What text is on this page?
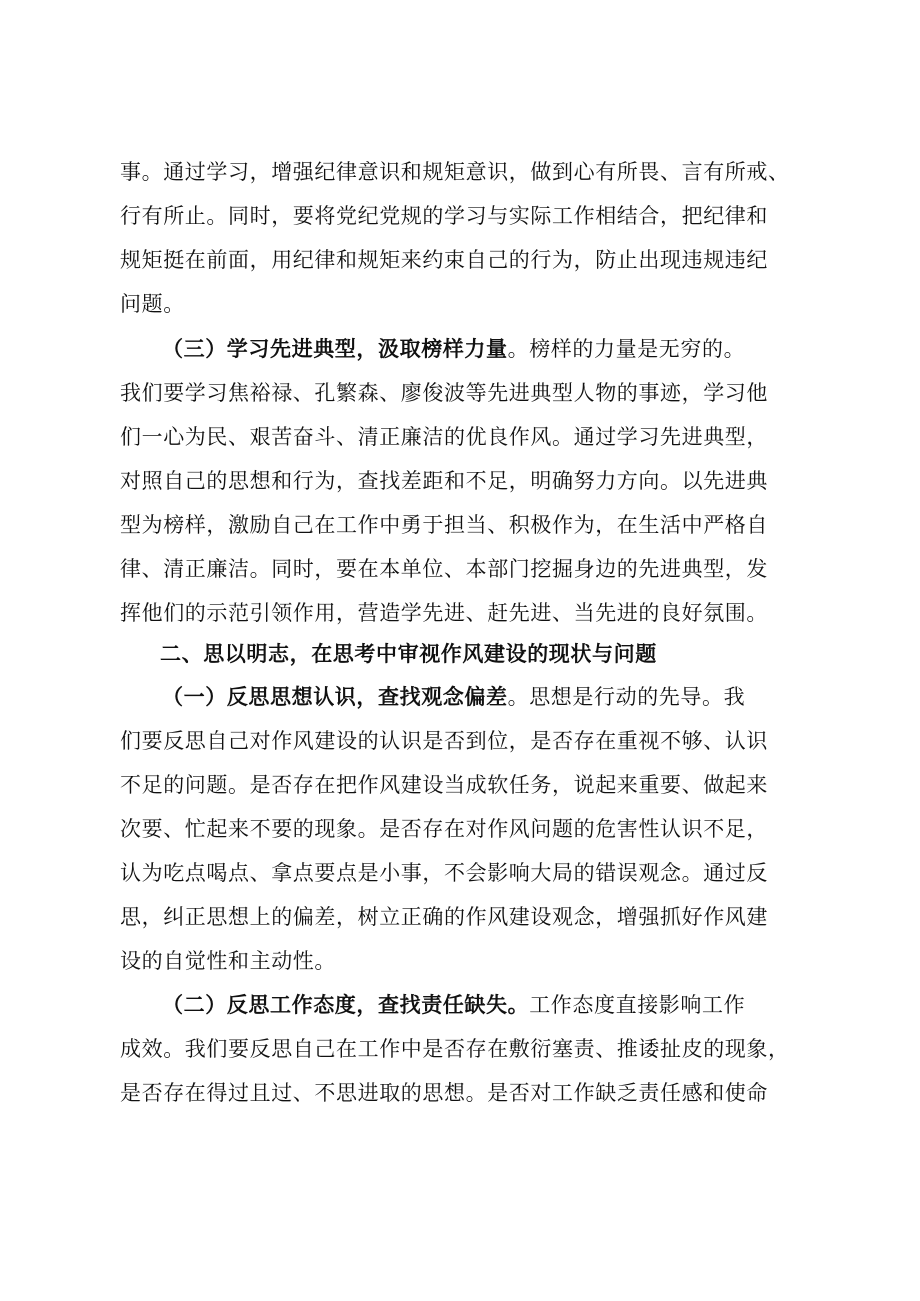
事。通过学习，增强纪律意识和规矩意识，做到心有所畏、言有所戒、
行有所止。同时，要将党纪党规的学习与实际工作相结合，把纪律和
规矩挺在前面，用纪律和规矩来约束自己的行为，防止出现违规违纪
问题。
（三）学习先进典型，汲取榜样力量。榜样的力量是无穷的。
我们要学习焦裕禄、孔繁森、廖俊波等先进典型人物的事迹，学习他
们一心为民、艰苦奋斗、清正廉洁的优良作风。通过学习先进典型，
对照自己的思想和行为，查找差距和不足，明确努力方向。以先进典
型为榜样，激励自己在工作中勇于担当、积极作为，在生活中严格自
律、清正廉洁。同时，要在本单位、本部门挖掘身边的先进典型，发
挥他们的示范引领作用，营造学先进、赶先进、当先进的良好氛围。
二、思以明志，在思考中审视作风建设的现状与问题
（一）反思思想认识，查找观念偏差。思想是行动的先导。我
们要反思自己对作风建设的认识是否到位，是否存在重视不够、认识
不足的问题。是否存在把作风建设当成软任务，说起来重要、做起来
次要、忙起来不要的现象。是否存在对作风问题的危害性认识不足，
认为吃点喝点、拿点要点是小事，不会影响大局的错误观念。通过反
思，纠正思想上的偏差，树立正确的作风建设观念，增强抓好作风建
设的自觉性和主动性。
（二）反思工作态度，查找责任缺失。工作态度直接影响工作
成效。我们要反思自己在工作中是否存在敷衍塞责、推诿扯皮的现象，
是否存在得过且过、不思进取的思想。是否对工作缺乏责任感和使命
